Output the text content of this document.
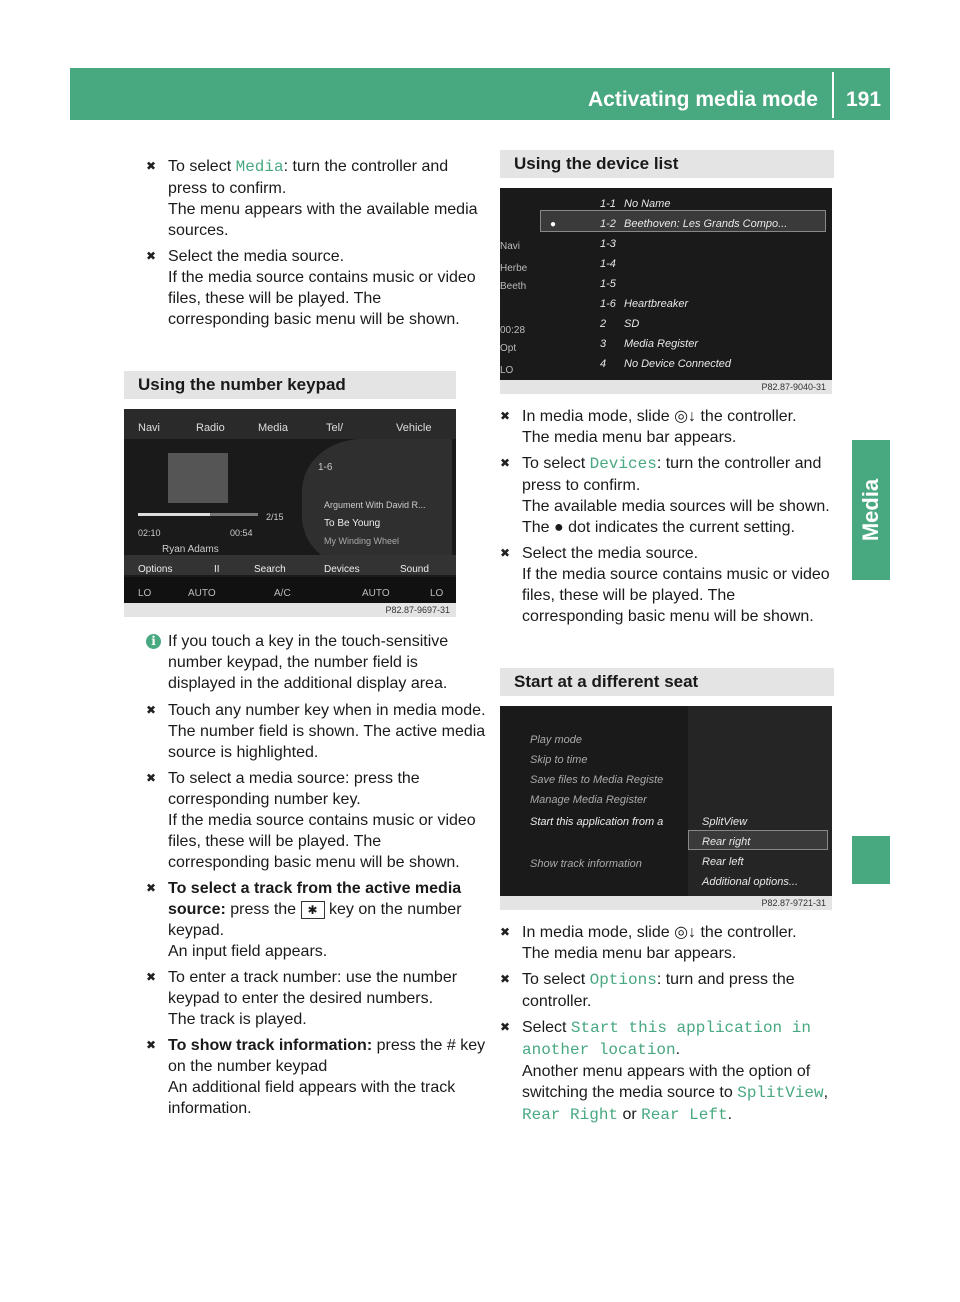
Activating media mode 191
Media
✖ To select Media: turn the controller and press to confirm.
The menu appears with the available media sources.
✖ Select the media source.
If the media source contains music or video files, these will be played. The corresponding basic menu will be shown.
Using the number keypad
Navi	Radio	Media	Tel/	Vehicle
1-6
Argument With David R...
To Be Young
My Winding Wheel
2/15
02:10	00:54
Ryan Adams
Options	II	Search	Devices	Sound
LO	AUTO	A/C	AUTO	LO
P82.87-9697-31
i If you touch a key in the touch-sensitive number keypad, the number field is displayed in the additional display area.
✖ Touch any number key when in media mode.
The number field is shown. The active media source is highlighted.
✖ To select a media source: press the corresponding number key.
If the media source contains music or video files, these will be played. The corresponding basic menu will be shown.
✖ To select a track from the active media source: press the ✱ key on the number keypad.
An input field appears.
✖ To enter a track number: use the number keypad to enter the desired numbers.
The track is played.
✖ To show track information: press the # key on the number keypad
An additional field appears with the track information.
Using the device list
Navi
Herbe
Beeth
00:28
Opt
LO
●
1-1 No Name
1-2 Beethoven: Les Grands Compo...
1-3
1-4
1-5
1-6 Heartbreaker
2 SD
3 Media Register
4 No Device Connected
P82.87-9040-31
✖ In media mode, slide ◎↓ the controller.
The media menu bar appears.
✖ To select Devices: turn the controller and press to confirm.
The available media sources will be shown.
The ● dot indicates the current setting.
✖ Select the media source.
If the media source contains music or video files, these will be played. The corresponding basic menu will be shown.
Start at a different seat
Play mode
Skip to time
Save files to Media Registe
Manage Media Register
Start this application from a
Show track information
SplitView
Rear right
Rear left
Additional options...
P82.87-9721-31
✖ In media mode, slide ◎↓ the controller.
The media menu bar appears.
✖ To select Options: turn and press the controller.
✖ Select Start this application in another location.
Another menu appears with the option of switching the media source to SplitView, Rear Right or Rear Left.
